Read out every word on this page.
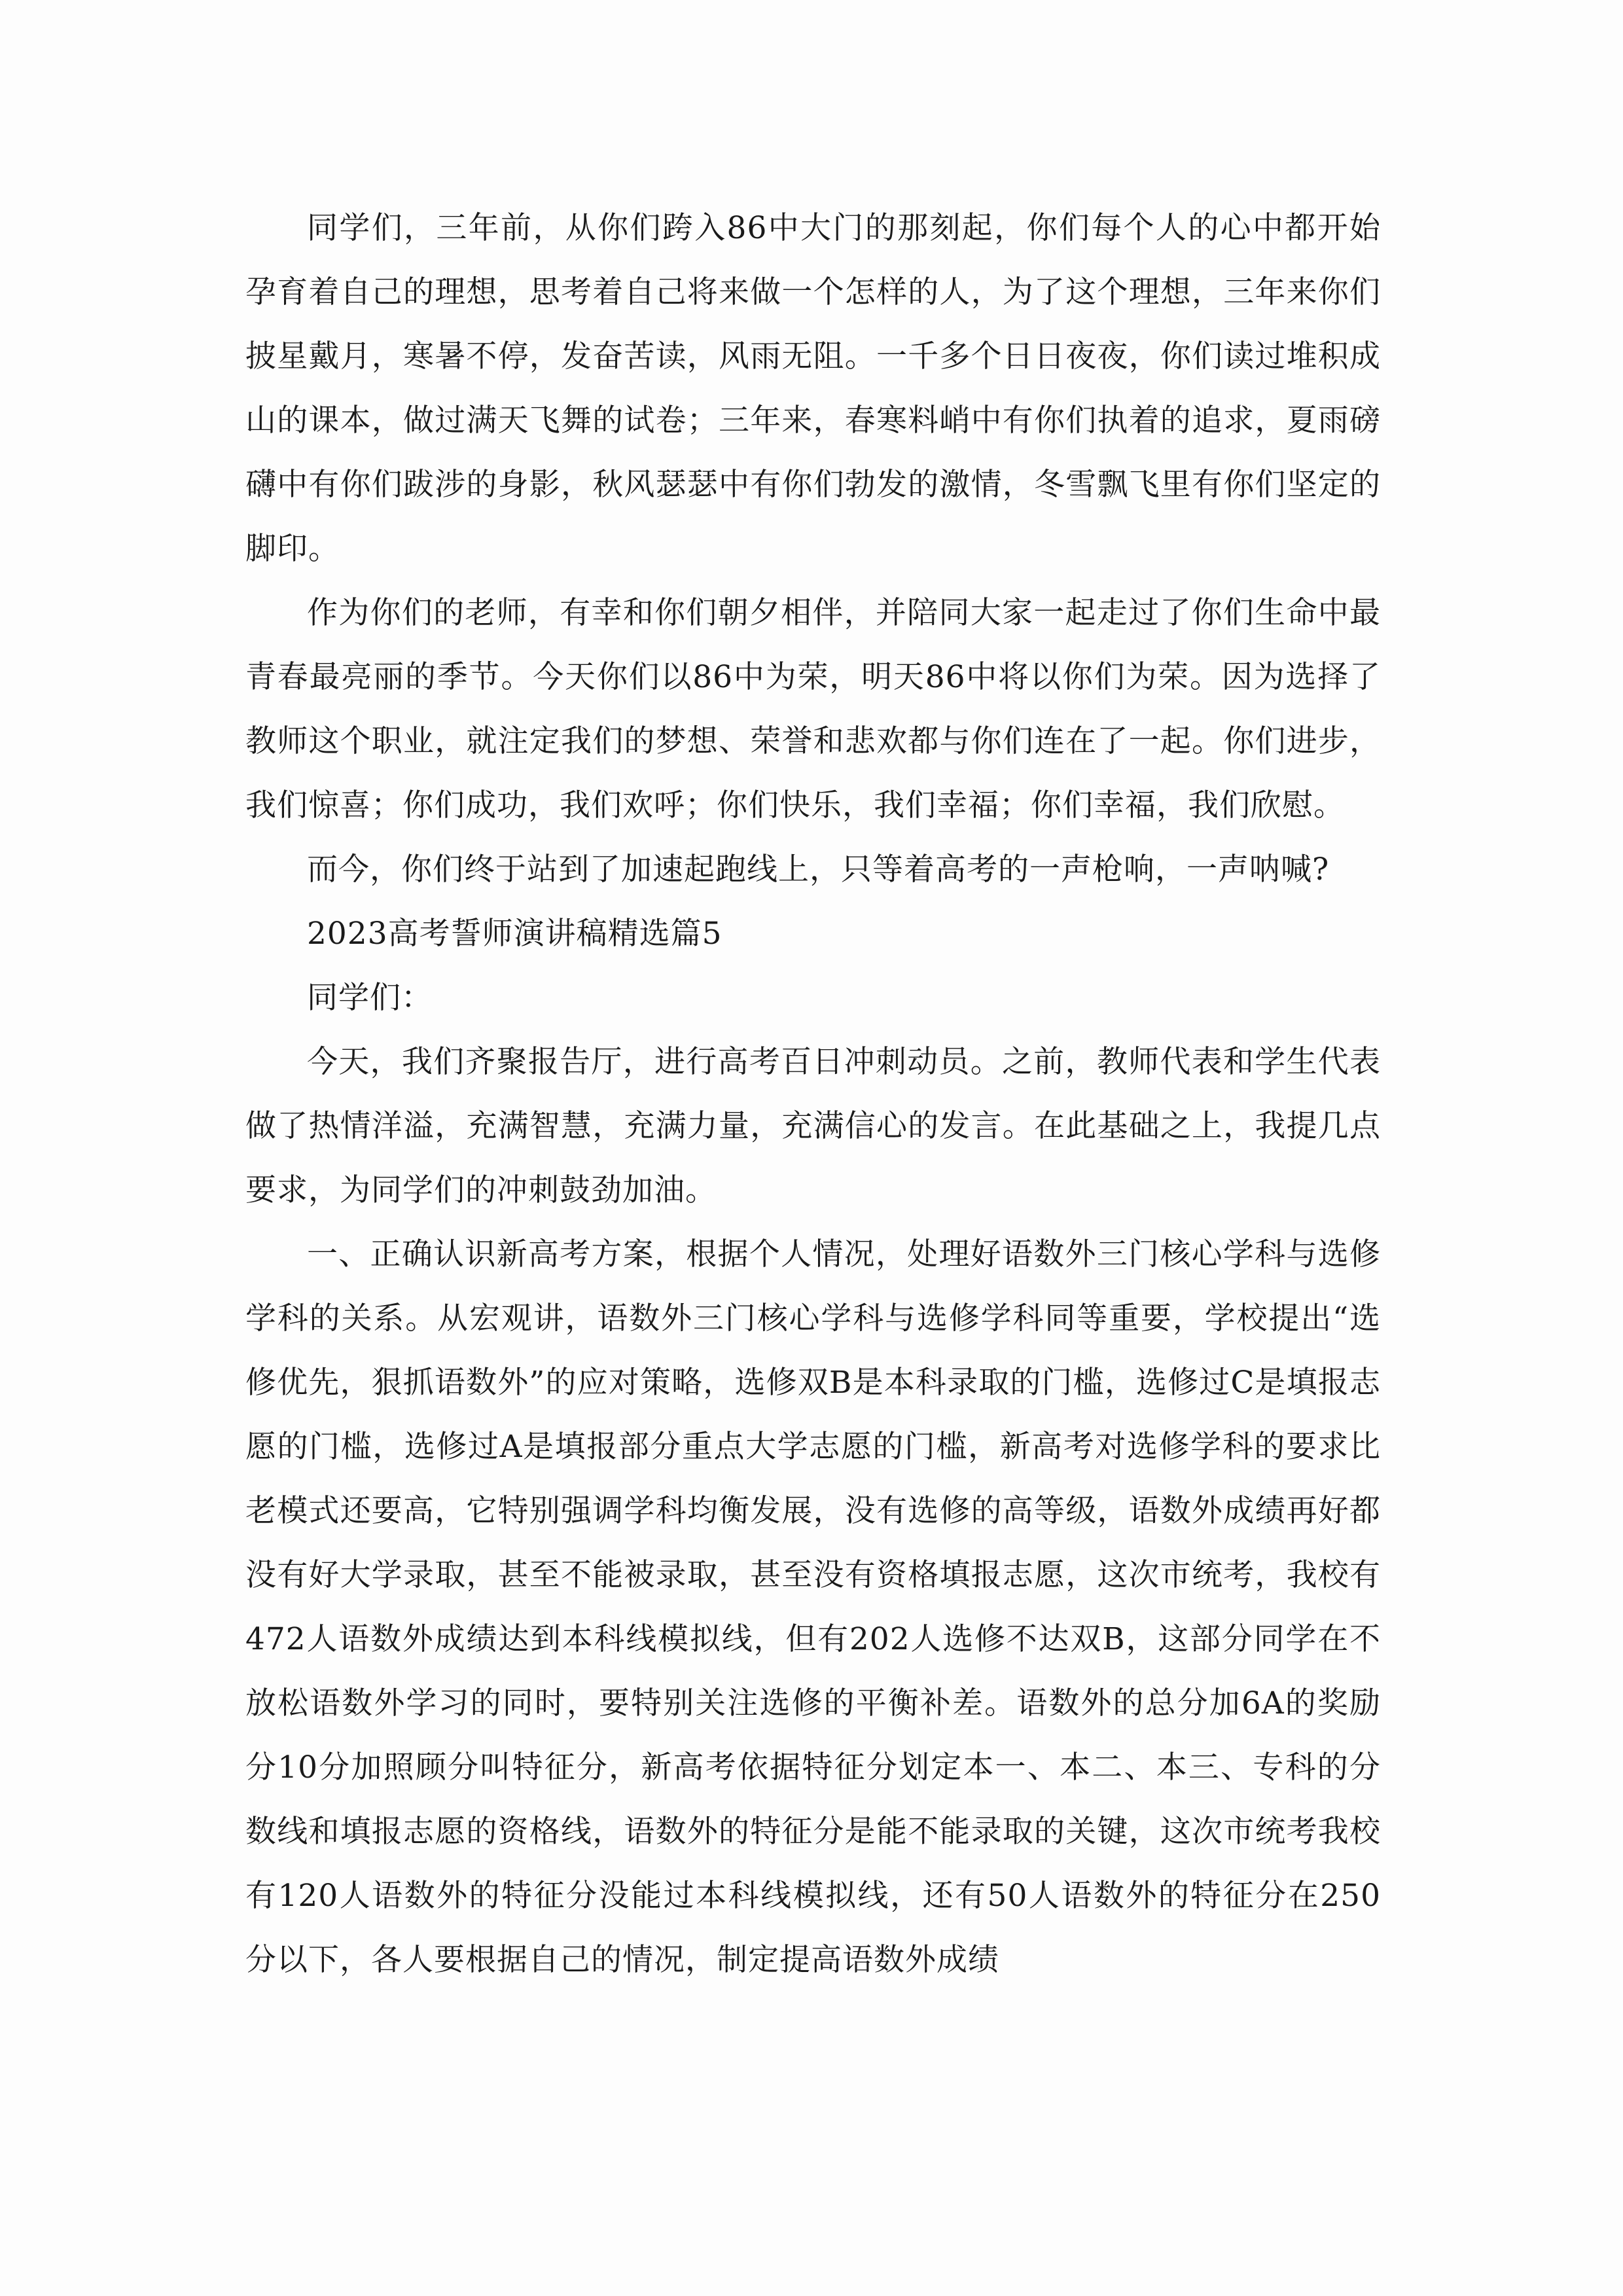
同学们，三年前，从你们跨入86中大门的那刻起，你们每个人的心中都开始孕育着自己的理想，思考着自己将来做一个怎样的人，为了这个理想，三年来你们披星戴月，寒暑不停，发奋苦读，风雨无阻。一千多个日日夜夜，你们读过堆积成山的课本，做过满天飞舞的试卷；三年来，春寒料峭中有你们执着的追求，夏雨磅礴中有你们跋涉的身影，秋风瑟瑟中有你们勃发的激情，冬雪飘飞里有你们坚定的脚印。

作为你们的老师，有幸和你们朝夕相伴，并陪同大家一起走过了你们生命中最青春最亮丽的季节。今天你们以86中为荣，明天86中将以你们为荣。因为选择了教师这个职业，就注定我们的梦想、荣誉和悲欢都与你们连在了一起。你们进步，我们惊喜；你们成功，我们欢呼；你们快乐，我们幸福；你们幸福，我们欣慰。

而今，你们终于站到了加速起跑线上，只等着高考的一声枪响，一声呐喊?

2023高考誓师演讲稿精选篇5

同学们：

今天，我们齐聚报告厅，进行高考百日冲刺动员。之前，教师代表和学生代表做了热情洋溢，充满智慧，充满力量，充满信心的发言。在此基础之上，我提几点要求，为同学们的冲刺鼓劲加油。

一、正确认识新高考方案，根据个人情况，处理好语数外三门核心学科与选修学科的关系。从宏观讲，语数外三门核心学科与选修学科同等重要，学校提出“选修优先，狠抓语数外”的应对策略，选修双B是本科录取的门槛，选修过C是填报志愿的门槛，选修过A是填报部分重点大学志愿的门槛，新高考对选修学科的要求比老模式还要高，它特别强调学科均衡发展，没有选修的高等级，语数外成绩再好都没有好大学录取，甚至不能被录取，甚至没有资格填报志愿，这次市统考，我校有472人语数外成绩达到本科线模拟线，但有202人选修不达双B，这部分同学在不放松语数外学习的同时，要特别关注选修的平衡补差。语数外的总分加6A的奖励分10分加照顾分叫特征分，新高考依据特征分划定本一、本二、本三、专科的分数线和填报志愿的资格线，语数外的特征分是能不能录取的关键，这次市统考我校有120人语数外的特征分没能过本科线模拟线，还有50人语数外的特征分在250分以下，各人要根据自己的情况，制定提高语数外成绩
